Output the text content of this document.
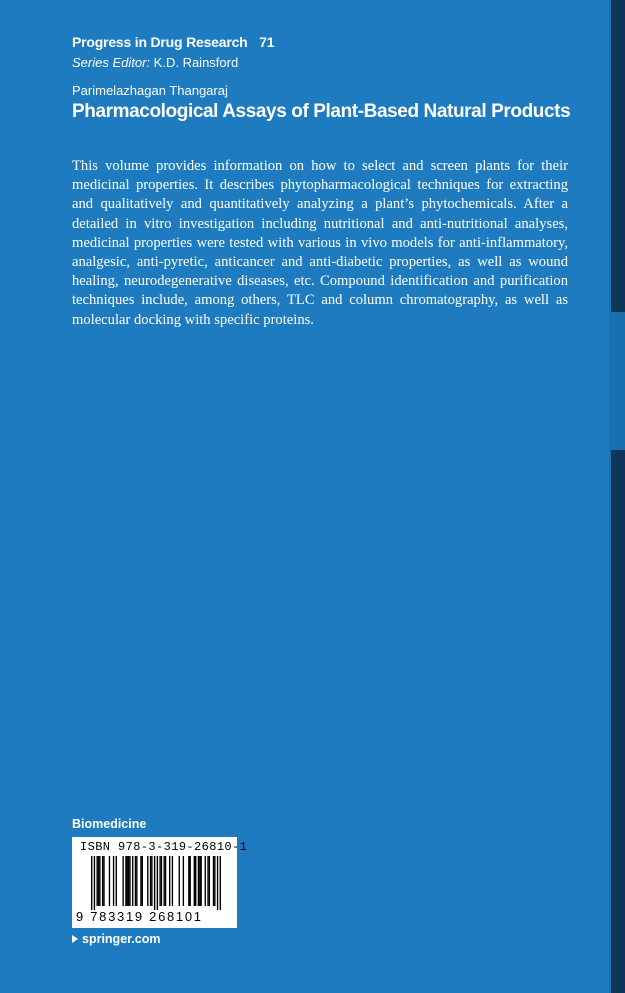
Progress in Drug Research 71
Series Editor: K.D. Rainsford
Parimelazhagan Thangaraj
Pharmacological Assays of Plant-Based Natural Products

This volume provides information on how to select and screen plants for their medicinal properties. It describes phytopharmacological techniques for extracting and qualitatively and quantitatively analyzing a plant’s phytochemicals. After a detailed in vitro investigation including nutritional and anti-nutritional analyses, medicinal properties were tested with various in vivo models for anti-inflammatory, analgesic, anti-pyretic, anticancer and anti-diabetic properties, as well as wound healing, neurodegenerative diseases, etc. Compound identification and purification techniques include, among others, TLC and column chromatography, as well as molecular docking with specific proteins.

Biomedicine
ISBN 978-3-319-26810-1
9 783319 268101
springer.com
